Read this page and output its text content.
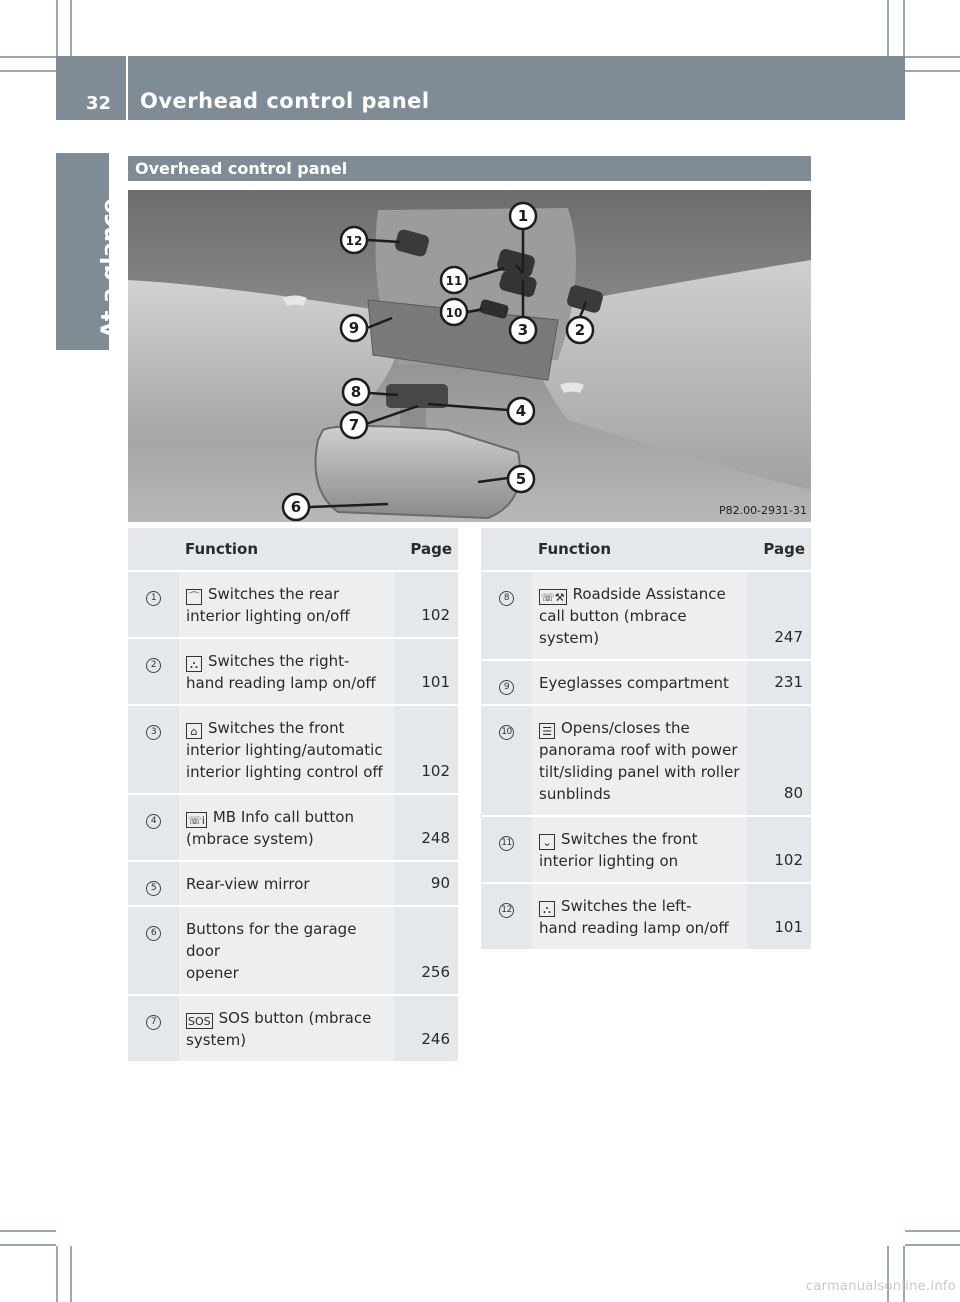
32 Overhead control panel
At a glance
Overhead control panel
1
2
3
4
5
6
7
8
9
10
11
12
P82.00-2931-31
	Function	Page
1	⌒ Switches the rear
interior lighting on/off	102
2	⛬ Switches the right-
hand reading lamp on/off	101
3	⌂ Switches the front
interior lighting/automatic
interior lighting control off	102
4	☏i MB Info call button
(mbrace system)	248
5	Rear-view mirror	90
6	Buttons for the garage door
opener	256
7	SOS SOS button (mbrace
system)	246
	Function	Page
8	☏⚒ Roadside Assistance
call button (mbrace
system)	247
9	Eyeglasses compartment	231
10	☰ Opens/closes the
panorama roof with power
tilt/sliding panel with roller
sunblinds	80
11	⌄ Switches the front
interior lighting on	102
12	⛬ Switches the left-
hand reading lamp on/off	101
carmanualsonline.info
